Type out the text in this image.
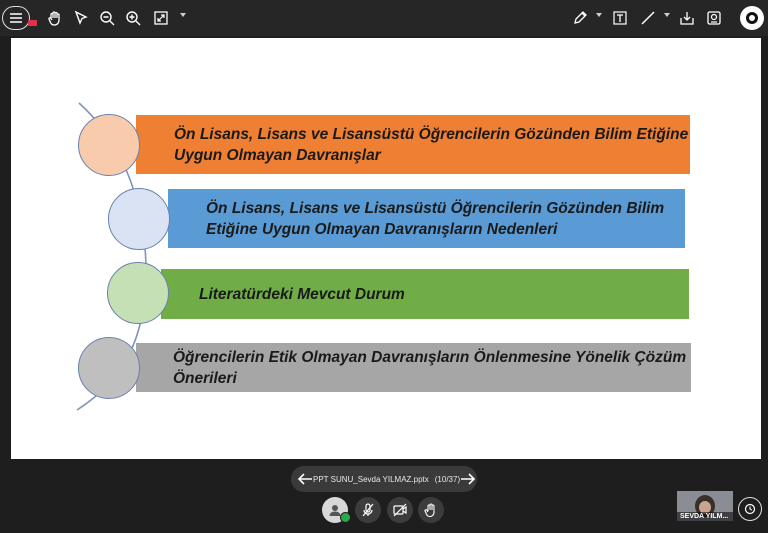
Ön Lisans, Lisans ve Lisansüstü Öğrencilerin Gözünden Bilim Etiğine Uygun Olmayan Davranışlar
Ön Lisans, Lisans ve Lisansüstü Öğrencilerin Gözünden Bilim Etiğine Uygun Olmayan Davranışların Nedenleri
Literatürdeki Mevcut Durum
Öğrencilerin Etik Olmayan Davranışların Önlenmesine Yönelik Çözüm Önerileri
PPT SUNU_Sevda YILMAZ.pptx (10/37)
SEVDA YILM...
